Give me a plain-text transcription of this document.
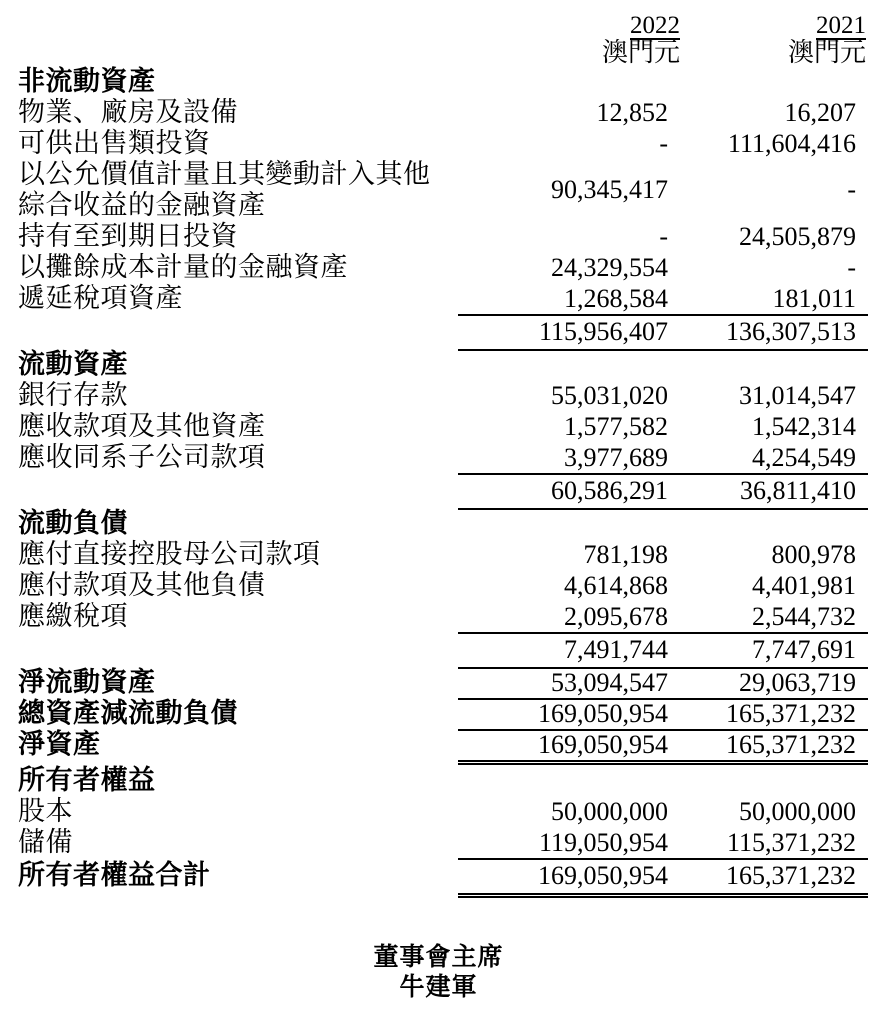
2022	2021
澳門元	澳門元
非流動資產
物業、廠房及設備	12,852	16,207
可供出售類投資	-	111,604,416
以公允價值計量且其變動計入其他
綜合收益的金融資產
90,345,417	-
持有至到期日投資	-	24,505,879
以攤餘成本計量的金融資產	24,329,554	-
遞延稅項資產	1,268,584	181,011
115,956,407	136,307,513
流動資產
銀行存款	55,031,020	31,014,547
應收款項及其他資產	1,577,582	1,542,314
應收同系子公司款項	3,977,689	4,254,549
60,586,291	36,811,410
流動負債
應付直接控股母公司款項	781,198	800,978
應付款項及其他負債	4,614,868	4,401,981
應繳稅項	2,095,678	2,544,732
7,491,744	7,747,691
淨流動資產	53,094,547	29,063,719
總資產減流動負債	169,050,954	165,371,232
淨資產	169,050,954	165,371,232
所有者權益
股本	50,000,000	50,000,000
儲備	119,050,954	115,371,232
所有者權益合計	169,050,954	165,371,232
董事會主席
牛建軍
